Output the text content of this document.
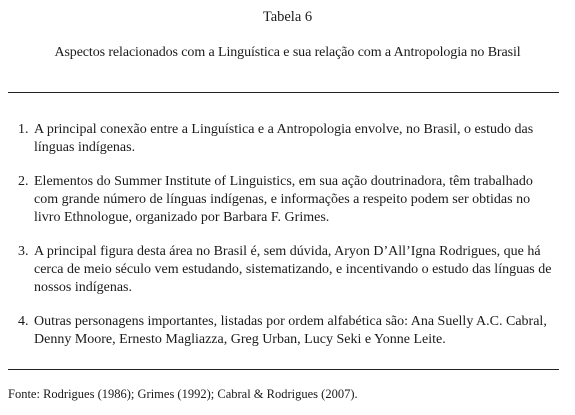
Tabela 6
Aspectos relacionados com a Linguística e sua relação com a Antropologia no Brasil
1. A principal conexão entre a Linguística e a Antropologia envolve, no Brasil, o estudo das línguas indígenas.
2. Elementos do Summer Institute of Linguistics, em sua ação doutrinadora, têm trabalhado com grande número de línguas indígenas, e informações a respeito podem ser obtidas no livro Ethnologue, organizado por Barbara F. Grimes.
3. A principal figura desta área no Brasil é, sem dúvida, Aryon D’All’Igna Rodrigues, que há cerca de meio século vem estudando, sistematizando, e incentivando o estudo das línguas de nossos indígenas.
4. Outras personagens importantes, listadas por ordem alfabética são: Ana Suelly A.C. Cabral, Denny Moore, Ernesto Magliazza, Greg Urban, Lucy Seki e Yonne Leite.
Fonte: Rodrigues (1986); Grimes (1992); Cabral & Rodrigues (2007).
